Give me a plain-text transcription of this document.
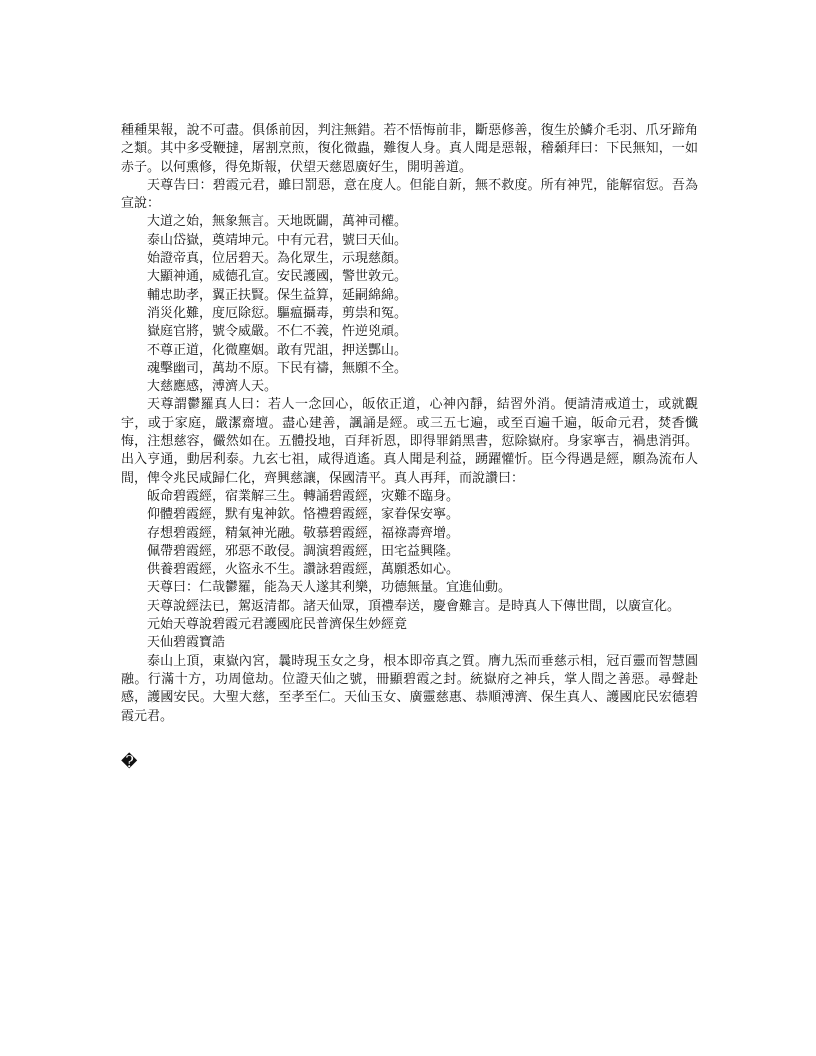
種種果報，說不可盡。俱係前因，判注無錯。若不悟悔前非，斷惡修善，復生於鱗介毛羽、爪牙蹄角之類。其中多受鞭撻，屠割烹煎，復化微蟲，難復人身。真人聞是惡報，稽顙拜曰：下民無知，一如赤子。以何熏修，得免斯報，伏望天慈恩廣好生，開明善道。

天尊告曰：碧霞元君，雖曰罰惡，意在度人。但能自新，無不救度。所有神咒，能解宿愆。吾為宣說：

大道之始，無象無言。天地既闢，萬神司權。

泰山岱嶽，奠靖坤元。中有元君，號曰天仙。

始證帝真，位居碧天。為化眾生，示現慈顏。

大顯神通，威德孔宣。安民護國，警世敦元。

輔忠助孝，翼正扶賢。保生益算，延嗣綿綿。

消災化難，度厄除愆。驅瘟攝毒，剪祟和冤。

嶽庭官將，號令威嚴。不仁不義，忤逆兇頑。

不尊正道，化微塵姻。敢有咒詛，押送酆山。

魂擊幽司，萬劫不原。下民有禱，無願不全。

大慈應感，溥濟人天。

天尊謂鬱羅真人曰：若人一念回心，皈依正道，心神內靜，結習外消。便請清戒道士，或就觀宇，或于家庭，嚴潔齋壇。盡心建善，諷誦是經。或三五七遍，或至百遍千遍，皈命元君，焚香懺悔，注想慈容，儼然如在。五體投地，百拜祈恩，即得罪銷黑書，愆除嶽府。身家寧吉，禍患消弭。出入亨通，動居利泰。九玄七祖，咸得逍遙。真人聞是利益，踴躍懽忻。臣今得遇是經，願為流布人間，俾令兆民咸歸仁化，齊興慈讓，保國清平。真人再拜，而說讚曰：

皈命碧霞經，宿業解三生。轉誦碧霞經，灾難不臨身。

仰體碧霞經，默有鬼神欽。恪禮碧霞經，家眷保安寧。

存想碧霞經，精氣神光融。敬慕碧霞經，福祿壽齊增。

佩帶碧霞經，邪惡不敢侵。調演碧霞經，田宅益興隆。

供養碧霞經，火盜永不生。讚詠碧霞經，萬願悉如心。

天尊曰：仁哉鬱羅，能為天人遂其利樂，功德無量。宜進仙動。

天尊說經法已，駕返清都。諸天仙眾，頂禮奉送，慶會難言。是時真人下傳世間，以廣宣化。

元始天尊說碧霞元君護國庇民普濟保生妙經竟

天仙碧霞寶誥

泰山上頂，東嶽內宮，曩時現玉女之身，根本即帝真之質。膺九炁而垂慈示相，冠百靈而智慧圓融。行滿十方，功周億劫。位證天仙之號，冊顯碧霞之封。統嶽府之神兵，掌人間之善惡。尋聲赴感，護國安民。大聖大慈，至孝至仁。天仙玉女、廣靈慈惠、恭順溥濟、保生真人、護國庇民宏德碧霞元君。

�
